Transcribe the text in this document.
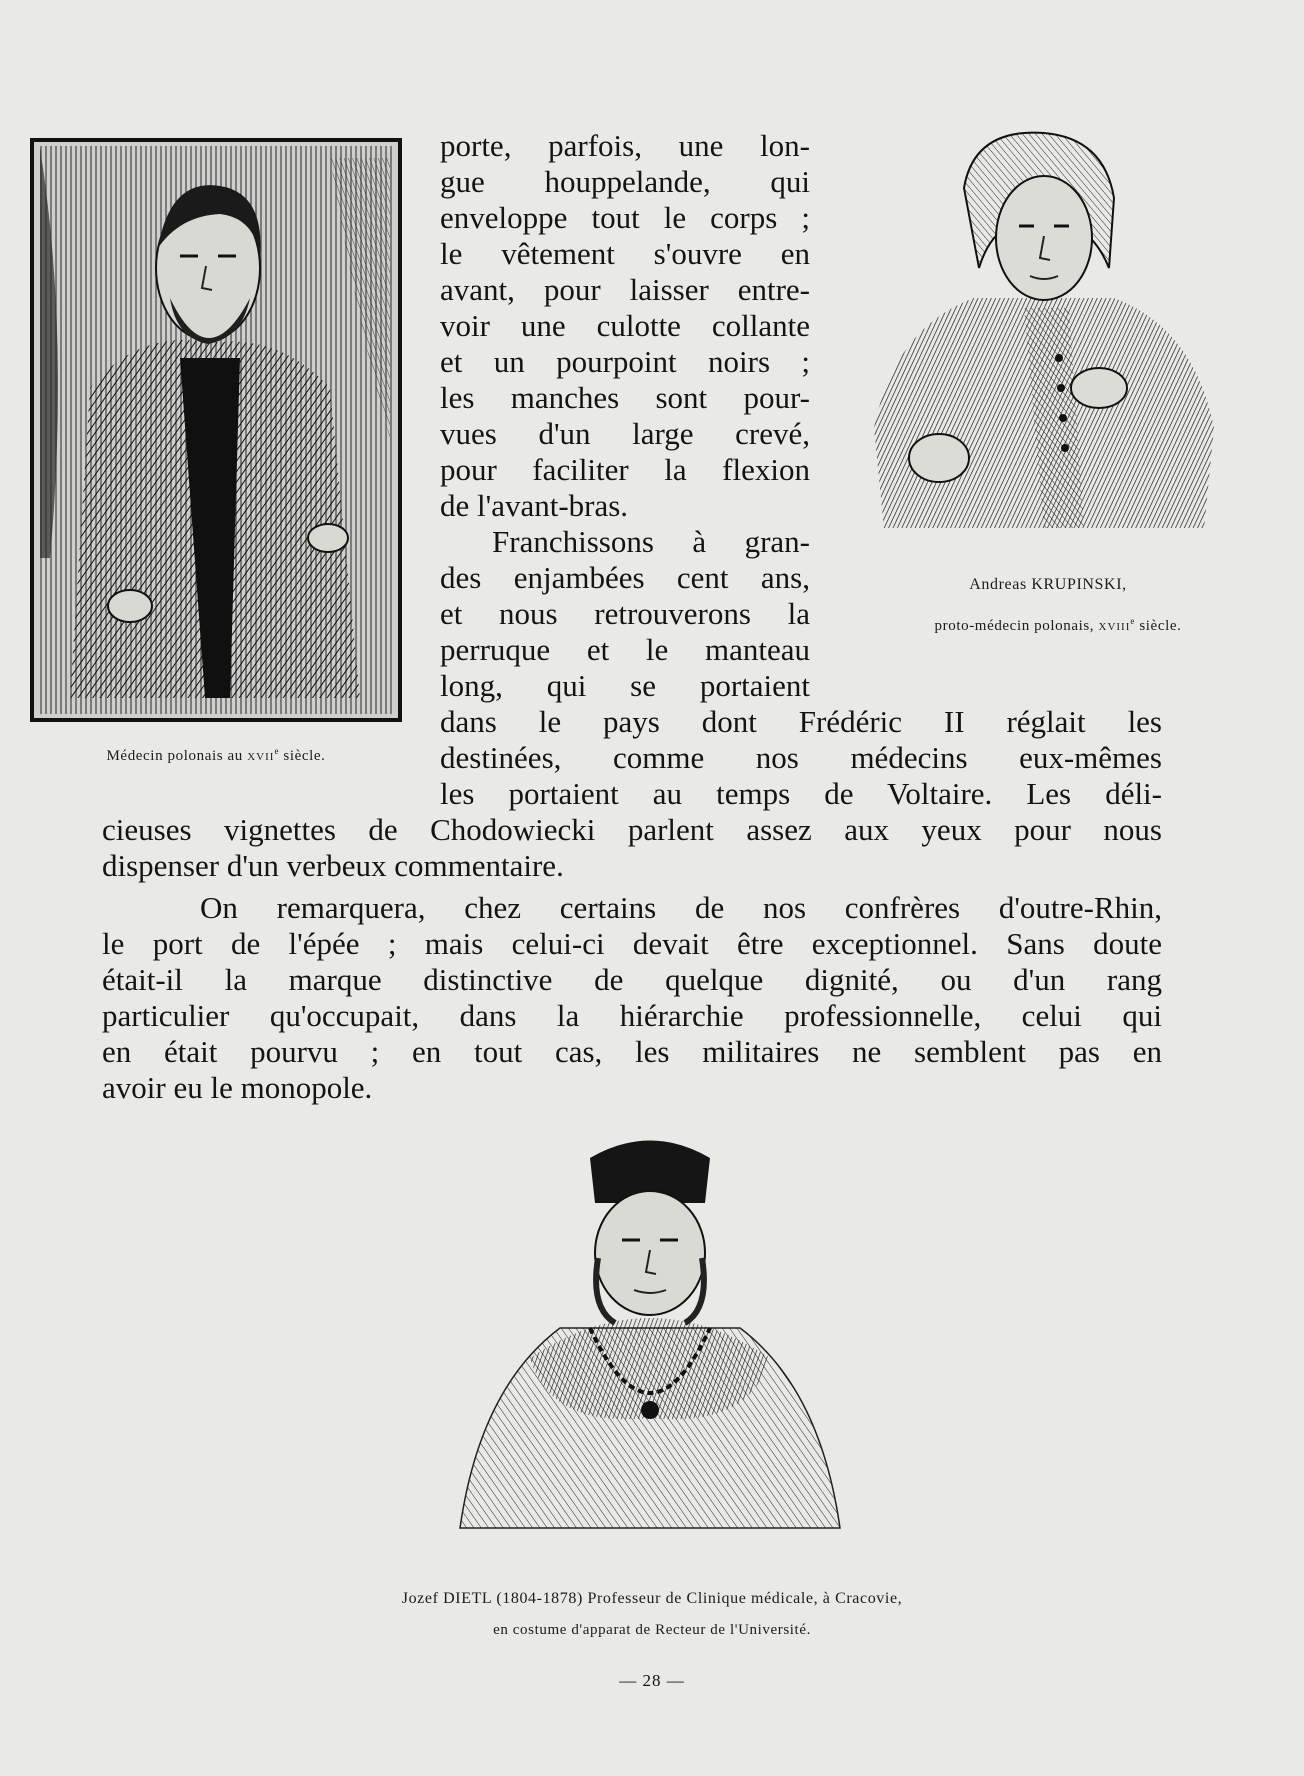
Médecin polonais au xvii$^e$ siècle.
Andreas KRUPINSKI,
proto-médecin polonais, xviii$^e$ siècle.
porte, parfois, une lon-
gue houppelande, qui
enveloppe tout le corps ;
le vêtement s'ouvre en
avant, pour laisser entre-
voir une culotte collante
et un pourpoint noirs ;
les manches sont pour-
vues d'un large crevé,
pour faciliter la flexion
de l'avant-bras.
Franchissons à gran-
des enjambées cent ans,
et nous retrouverons la
perruque et le manteau
long, qui se portaient
dans le pays dont Frédéric II réglait les
destinées, comme nos médecins eux-mêmes
les portaient au temps de Voltaire. Les déli-
cieuses vignettes de Chodowiecki parlent assez aux yeux pour nous
dispenser d'un verbeux commentaire.
On remarquera, chez certains de nos confrères d'outre-Rhin,
le port de l'épée ; mais celui-ci devait être exceptionnel. Sans doute
était-il la marque distinctive de quelque dignité, ou d'un rang
particulier qu'occupait, dans la hiérarchie professionnelle, celui qui
en était pourvu ; en tout cas, les militaires ne semblent pas en
avoir eu le monopole.
Jozef DIETL (1804-1878) Professeur de Clinique médicale, à Cracovie,
en costume d'apparat de Recteur de l'Université.
— 28 —
